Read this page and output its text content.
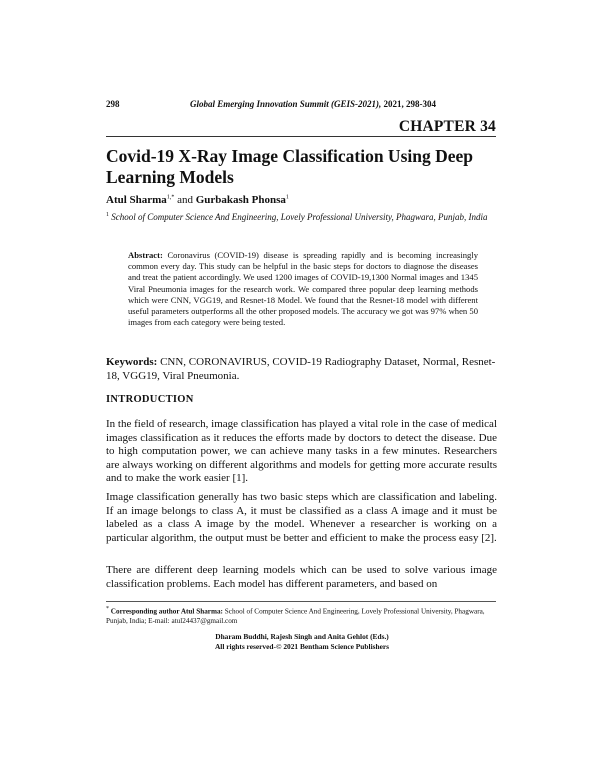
298	Global Emerging Innovation Summit (GEIS-2021), 2021, 298-304
CHAPTER 34
Covid-19 X-Ray Image Classification Using Deep Learning Models
Atul Sharma$^{1,*}$ and Gurbakash Phonsa$^1$
$^1$ School of Computer Science And Engineering, Lovely Professional University, Phagwara, Punjab, India
Abstract: Coronavirus (COVID-19) disease is spreading rapidly and is becoming increasingly common every day. This study can be helpful in the basic steps for doctors to diagnose the diseases and treat the patient accordingly. We used 1200 images of COVID-19,1300 Normal images and 1345 Viral Pneumonia images for the research work. We compared three popular deep learning methods which were CNN, VGG19, and Resnet-18 Model. We found that the Resnet-18 model with different useful parameters outperforms all the other proposed models. The accuracy we got was 97% when 50 images from each category were being tested.
Keywords: CNN, CORONAVIRUS, COVID-19 Radiography Dataset, Normal, Resnet-18, VGG19, Viral Pneumonia.
INTRODUCTION
In the field of research, image classification has played a vital role in the case of medical images classification as it reduces the efforts made by doctors to detect the disease. Due to high computation power, we can achieve many tasks in a few minutes. Researchers are always working on different algorithms and models for getting more accurate results and to make the work easier [1].
Image classification generally has two basic steps which are classification and labeling. If an image belongs to class A, it must be classified as a class A image and it must be labeled as a class A image by the model. Whenever a researcher is working on a particular algorithm, the output must be better and efficient to make the process easy [2].
There are different deep learning models which can be used to solve various image classification problems. Each model has different parameters, and based on
* Corresponding author Atul Sharma: School of Computer Science And Engineering, Lovely Professional University, Phagwara, Punjab, India; E-mail: atul24437@gmail.com
Dharam Buddhi, Rajesh Singh and Anita Gehlot (Eds.)
All rights reserved-© 2021 Bentham Science Publishers
